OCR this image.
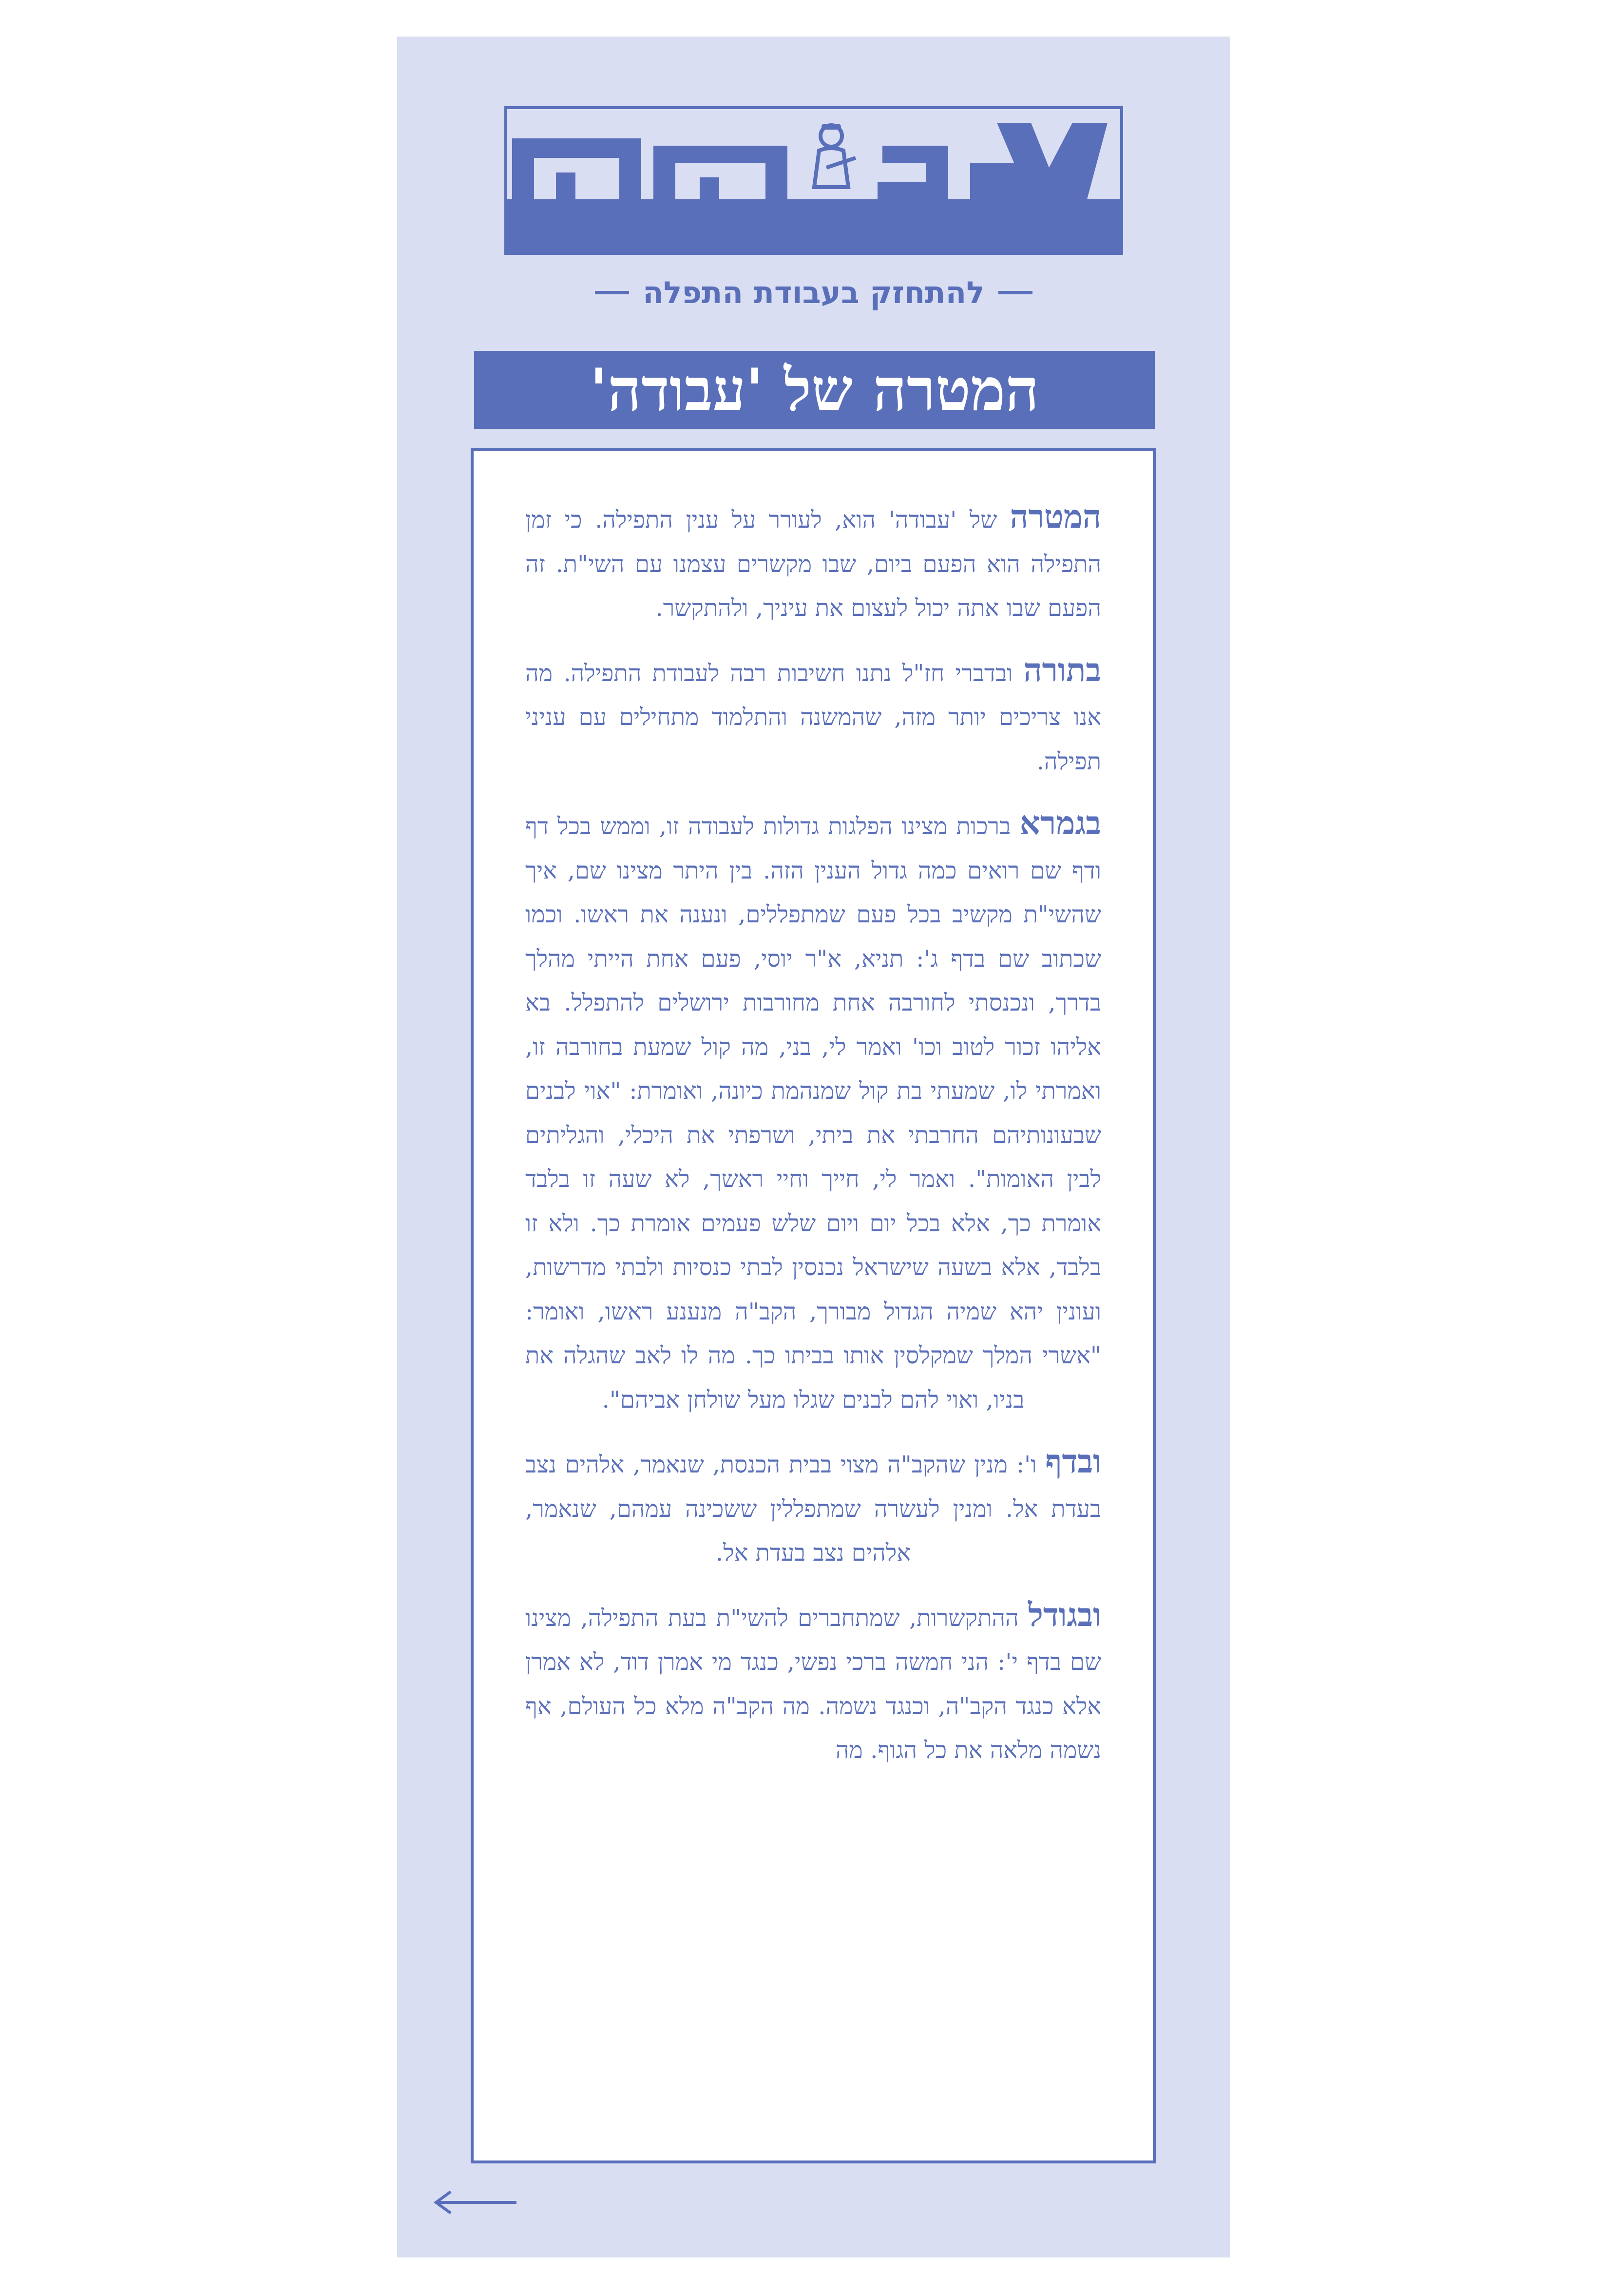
להתחזק בעבודת התפלה
המטרה של 'עבודה'

המטרה של 'עבודה' הוא, לעורר על ענין התפילה. כי זמן התפילה הוא הפעם ביום, שבו מקשרים עצמנו עם השי"ת. זה הפעם שבו אתה יכול לעצום את עיניך, ולהתקשר.

בתורה ובדברי חז"ל נתנו חשיבות רבה לעבודת התפילה. מה אנו צריכים יותר מזה, שהמשנה והתלמוד מתחילים עם עניני תפילה.

בגמרא ברכות מצינו הפלגות גדולות לעבודה זו, וממש בכל דף ודף שם רואים כמה גדול הענין הזה. בין היתר מצינו שם, איך שהשי"ת מקשיב בכל פעם שמתפללים, ונענה את ראשו. וכמו שכתוב שם בדף ג': תניא, א"ר יוסי, פעם אחת הייתי מהלך בדרך, ונכנסתי לחורבה אחת מחורבות ירושלים להתפלל. בא אליהו זכור לטוב וכו' ואמר לי, בני, מה קול שמעת בחורבה זו, ואמרתי לו, שמעתי בת קול שמנהמת כיונה, ואומרת: "אוי לבנים שבעונותיהם החרבתי את ביתי, ושרפתי את היכלי, והגליתים לבין האומות". ואמר לי, חייך וחיי ראשך, לא שעה זו בלבד אומרת כך, אלא בכל יום ויום שלש פעמים אומרת כך. ולא זו בלבד, אלא בשעה שישראל נכנסין לבתי כנסיות ולבתי מדרשות, ועונין יהא שמיה הגדול מבורך, הקב"ה מנענע ראשו, ואומר: "אשרי המלך שמקלסין אותו בביתו כך. מה לו לאב שהגלה את בניו, ואוי להם לבנים שגלו מעל שולחן אביהם".

ובדף ו': מנין שהקב"ה מצוי בבית הכנסת, שנאמר, אלהים נצב בעדת אל. ומנין לעשרה שמתפללין ששכינה עמהם, שנאמר, אלהים נצב בעדת אל.

ובגודל ההתקשרות, שמתחברים להשי"ת בעת התפילה, מצינו שם בדף י': הני חמשה ברכי נפשי, כנגד מי אמרן דוד, לא אמרן אלא כנגד הקב"ה, וכנגד נשמה. מה הקב"ה מלא כל העולם, אף נשמה מלאה את כל הגוף. מה
